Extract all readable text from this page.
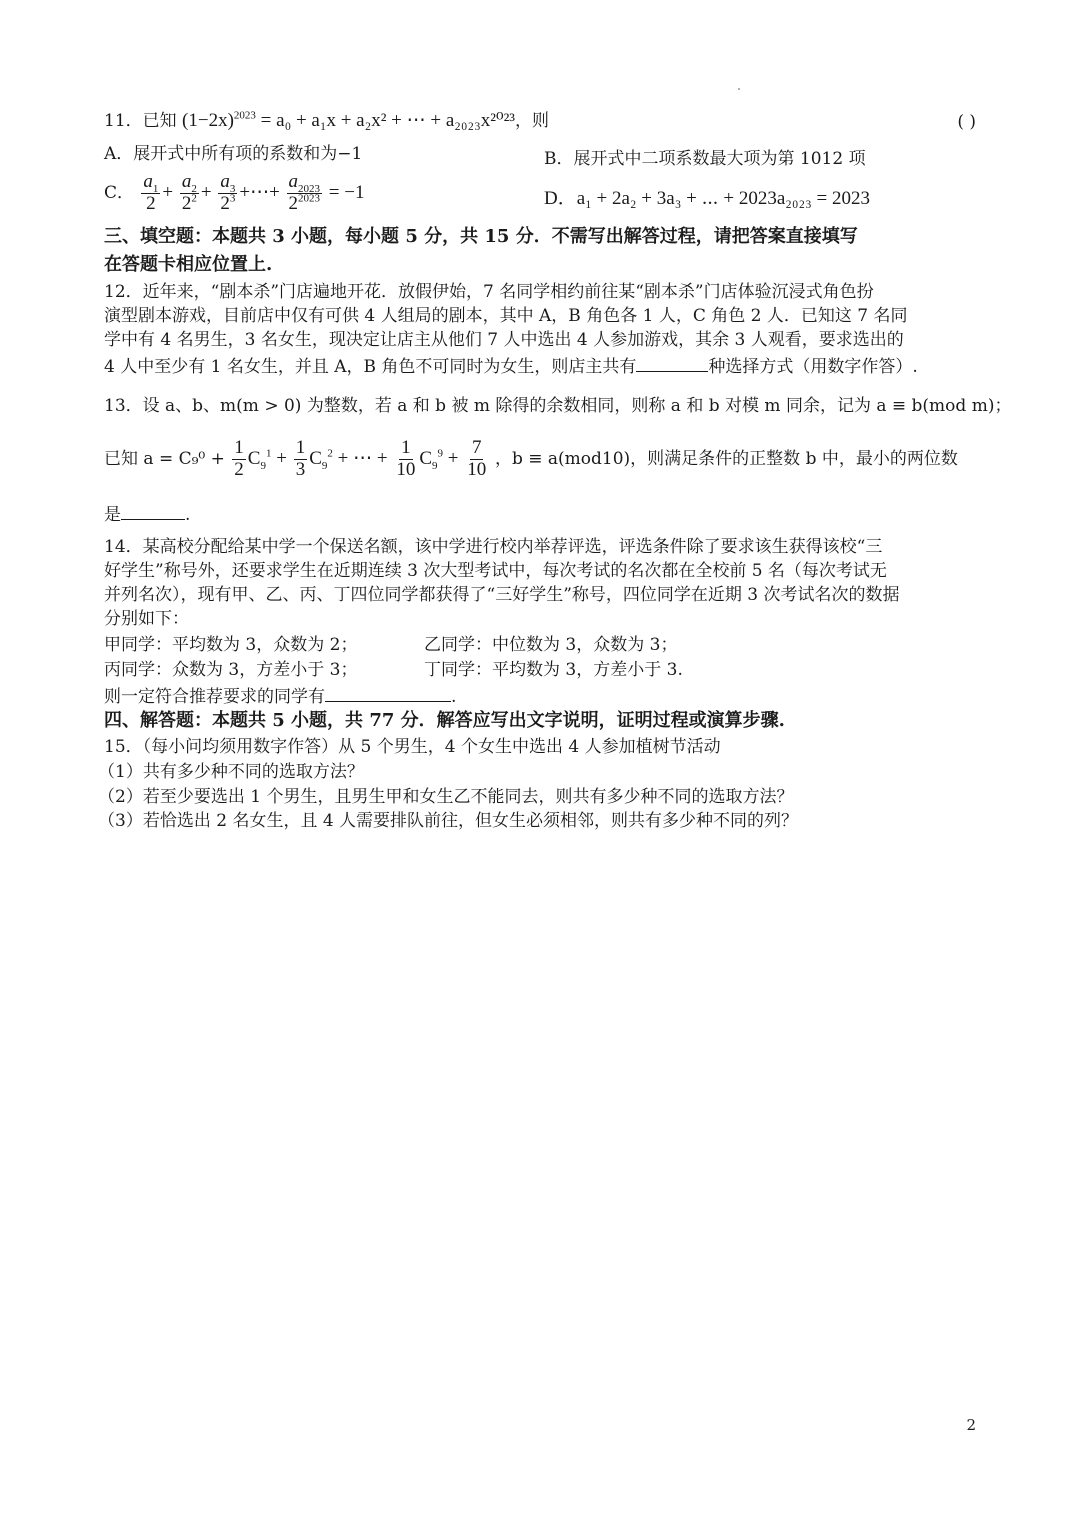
11．已知 $(1-2x)^{2023} = a_0 + a_1x + a_2x^2$ + ⋯ + a₂₀₂₃x²⁰²³，则	( )
A．展开式中所有项的系数和为−1	B．展开式中二项系数最大项为第 1012 项
C． $\frac{a_1}{2} + \frac{a_2}{2^2} + \frac{a_3}{2^3}$ +⋯+ $\frac{a_{2023}}{2^{2023}} = -1$	D．a₁ + 2a₂ + 3a₃ + ⋯ + 2023a₂₀₂₃ = 2023
三、填空题：本题共 3 小题，每小题 5 分，共 15 分．不需写出解答过程，请把答案直接填写
在答题卡相应位置上.
12．近年来，“剧本杀”门店遍地开花．放假伊始，7 名同学相约前往某“剧本杀”门店体验沉浸式角色扮
演型剧本游戏，目前店中仅有可供 4 人组局的剧本，其中 A，B 角色各 1 人，C 角色 2 人．已知这 7 名同
学中有 4 名男生，3 名女生，现决定让店主从他们 7 人中选出 4 人参加游戏，其余 3 人观看，要求选出的
4 人中至少有 1 名女生，并且 A，B 角色不可同时为女生，则店主共有	种选择方式（用数字作答）.
13．设 a、b、m(m > 0) 为整数，若 a 和 b 被 m 除得的余数相同，则称 a 和 b 对模 m 同余，记为 a ≡ b(mod m)；
已知 $a = C_9^0 + \frac{1}{2} C_9^1 + \frac{1}{3} C_9^2$ + ⋯ + $\frac{1}{10} C_9^9 + \frac{7}{10}$ ，b ≡ a(mod10)，则满足条件的正整数 b 中，最小的两位数
是	.
14．某高校分配给某中学一个保送名额，该中学进行校内举荐评选，评选条件除了要求该生获得该校“三
好学生”称号外，还要求学生在近期连续 3 次大型考试中，每次考试的名次都在全校前 5 名（每次考试无
并列名次），现有甲、乙、丙、丁四位同学都获得了“三好学生”称号，四位同学在近期 3 次考试名次的数据
分别如下：
甲同学：平均数为 3，众数为 2；	乙同学：中位数为 3，众数为 3；
丙同学：众数为 3，方差小于 3；	丁同学：平均数为 3，方差小于 3.
则一定符合推荐要求的同学有	.
四、解答题：本题共 5 小题，共 77 分．解答应写出文字说明，证明过程或演算步骤.
15．（每小问均须用数字作答）从 5 个男生，4 个女生中选出 4 人参加植树节活动
（1）共有多少种不同的选取方法？
（2）若至少要选出 1 个男生，且男生甲和女生乙不能同去，则共有多少种不同的选取方法？
（3）若恰选出 2 名女生，且 4 人需要排队前往，但女生必须相邻，则共有多少种不同的列？
2
